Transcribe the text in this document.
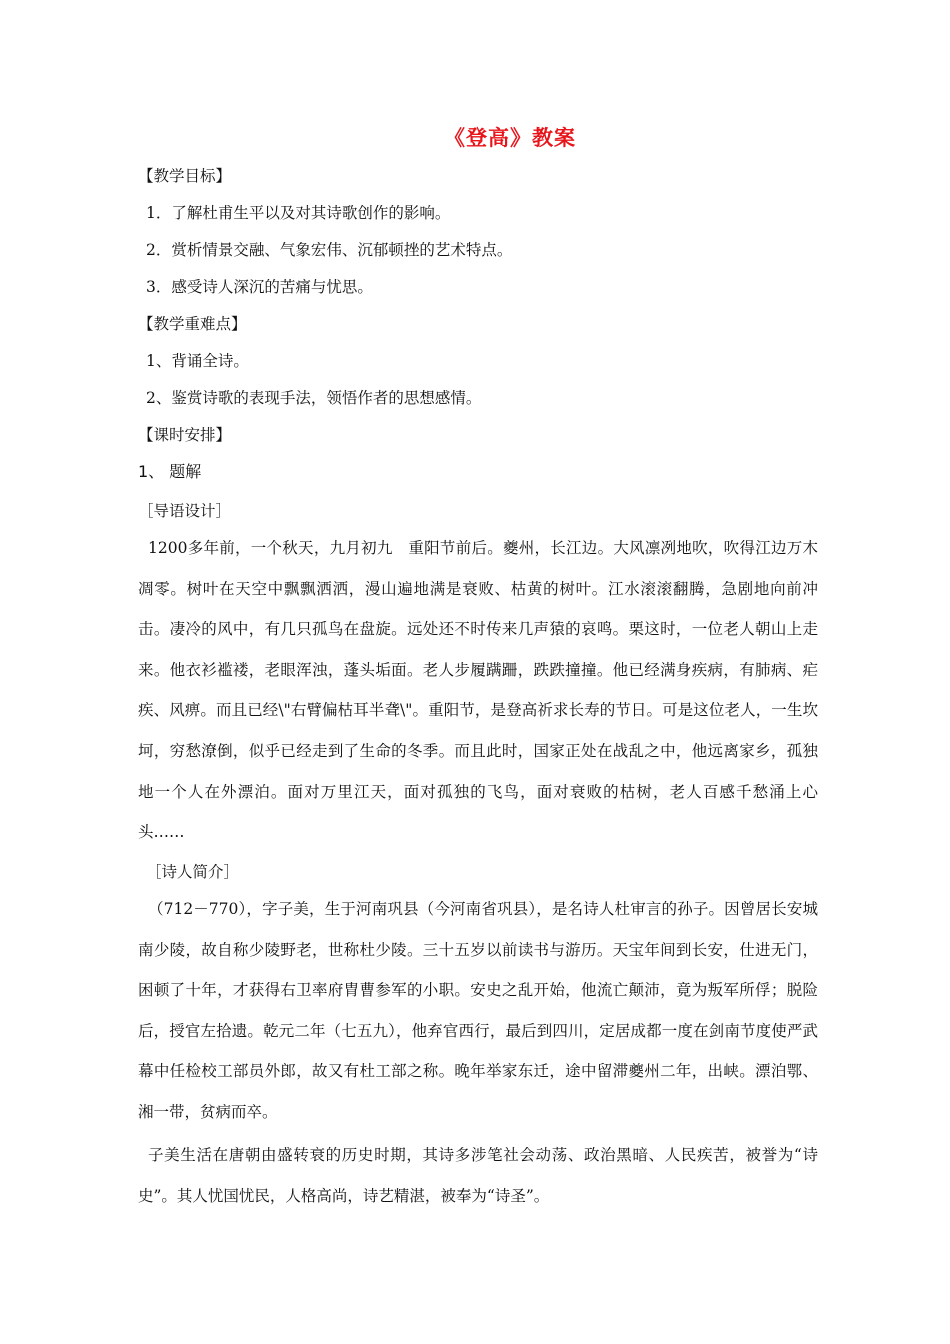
《登高》教案
【教学目标】
1．了解杜甫生平以及对其诗歌创作的影响。
2．赏析情景交融、气象宏伟、沉郁顿挫的艺术特点。
3．感受诗人深沉的苦痛与忧思。
【教学重难点】
1、背诵全诗。
2、鉴赏诗歌的表现手法，领悟作者的思想感情。
【课时安排】
1、 题解
［导语设计］
1200多年前，一个秋天，九月初九　重阳节前后。夔州，长江边。大风凛冽地吹，吹得江边万木凋零。树叶在天空中飘飘洒洒，漫山遍地满是衰败、枯黄的树叶。江水滚滚翻腾，急剧地向前冲击。凄冷的风中，有几只孤鸟在盘旋。远处还不时传来几声猿的哀鸣。栗这时，一位老人朝山上走来。他衣衫褴褛，老眼浑浊，蓬头垢面。老人步履蹒跚，跌跌撞撞。他已经满身疾病，有肺病、疟疾、风痹。而且已经\"右臂偏枯耳半聋\"。重阳节，是登高祈求长寿的节日。可是这位老人，一生坎坷，穷愁潦倒，似乎已经走到了生命的冬季。而且此时，国家正处在战乱之中，他远离家乡，孤独地一个人在外漂泊。面对万里江天，面对孤独的飞鸟，面对衰败的枯树，老人百感千愁涌上心头……
［诗人简介］
（712－770），字子美，生于河南巩县（今河南省巩县），是名诗人杜审言的孙子。因曾居长安城南少陵，故自称少陵野老，世称杜少陵。三十五岁以前读书与游历。天宝年间到长安，仕进无门，困顿了十年，才获得右卫率府胄曹参军的小职。安史之乱开始，他流亡颠沛，竟为叛军所俘；脱险后，授官左拾遗。乾元二年（七五九），他弃官西行，最后到四川，定居成都一度在剑南节度使严武幕中任检校工部员外郎，故又有杜工部之称。晚年举家东迁，途中留滞夔州二年，出峡。漂泊鄂、湘一带，贫病而卒。
子美生活在唐朝由盛转衰的历史时期，其诗多涉笔社会动荡、政治黑暗、人民疾苦，被誉为“诗史”。其人忧国忧民，人格高尚，诗艺精湛，被奉为“诗圣”。
